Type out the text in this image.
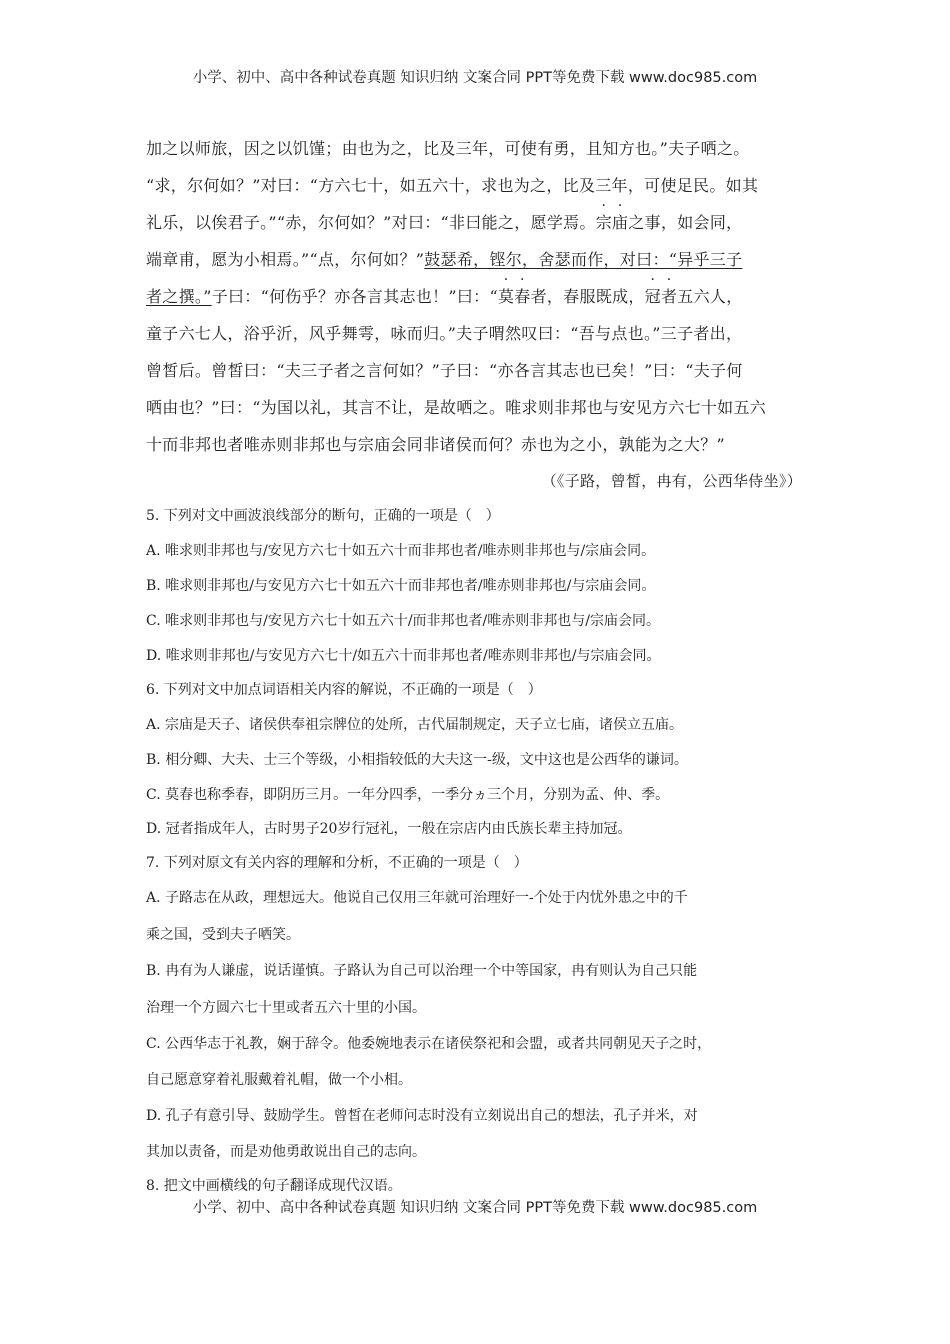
小学、初中、高中各种试卷真题 知识归纳 文案合同 PPT等免费下载 www.doc985.com
加之以师旅，因之以饥馑；由也为之，比及三年，可使有勇，且知方也。”夫子哂之。
“求，尔何如？”对曰：“方六七十，如五六十，求也为之，比及三年，可使足民。如其
礼乐，以俟君子。”“赤，尔何如？”对曰：“非曰能之，愿学焉。宗庙之事，如会同，
端章甫，愿为小相焉。”“点，尔何如？”鼓瑟希，铿尔，舍瑟而作，对曰：“异乎三子
者之撰。”子曰：“何伤乎？亦各言其志也！”曰：“莫春者，春服既成，冠者五六人，
童子六七人，浴乎沂，风乎舞雩，咏而归。”夫子喟然叹曰：“吾与点也。”三子者出，
曾皙后。曾皙曰：“夫三子者之言何如？”子曰：“亦各言其志也已矣！”曰：“夫子何
哂由也？”曰：“为国以礼，其言不让，是故哂之。唯求则非邦也与安见方六七十如五六
十而非邦也者唯赤则非邦也与宗庙会同非诸侯而何？赤也为之小，孰能为之大？”
（《子路，曾皙，冉有，公西华侍坐》）
5. 下列对文中画波浪线部分的断句，正确的一项是（　）
A. 唯求则非邦也与/安见方六七十如五六十而非邦也者/唯赤则非邦也与/宗庙会同。
B. 唯求则非邦也/与安见方六七十如五六十而非邦也者/唯赤则非邦也/与宗庙会同。
C. 唯求则非邦也与/安见方六七十如五六十/而非邦也者/唯赤则非邦也与/宗庙会同。
D. 唯求则非邦也/与安见方六七十/如五六十而非邦也者/唯赤则非邦也/与宗庙会同。
6. 下列对文中加点词语相关内容的解说，不正确的一项是（　）
A. 宗庙是天子、诸侯供奉祖宗牌位的处所，古代届制规定，天子立七庙，诸侯立五庙。
B. 相分卿、大夫、士三个等级，小相指较低的大夫这一-级，文中这也是公西华的谦词。
C. 莫春也称季春，即阴历三月。一年分四季，一季分ヵ三个月，分别为孟、仲、季。
D. 冠者指成年人，古时男子20岁行冠礼，一般在宗店内由氏族长辈主持加冠。
7. 下列对原文有关内容的理解和分析，不正确的一项是（　）
A. 子路志在从政，理想远大。他说自己仅用三年就可治理好一-个处于内忧外患之中的千
乘之国，受到夫子哂笑。
B. 冉有为人谦虚，说话谨慎。子路认为自己可以治理一个中等国家，冉有则认为自己只能
治理一个方圆六七十里或者五六十里的小国。
C. 公西华志于礼教，娴于辞令。他委婉地表示在诸侯祭祀和会盟，或者共同朝见天子之时，
自己愿意穿着礼服戴着礼帽，做一个小相。
D. 孔子有意引导、鼓励学生。曾皙在老师问志时没有立刻说出自己的想法，孔子并米，对
其加以责备，而是劝他勇敢说出自己的志向。
8. 把文中画横线的句子翻译成现代汉语。
小学、初中、高中各种试卷真题 知识归纳 文案合同 PPT等免费下载 www.doc985.com
